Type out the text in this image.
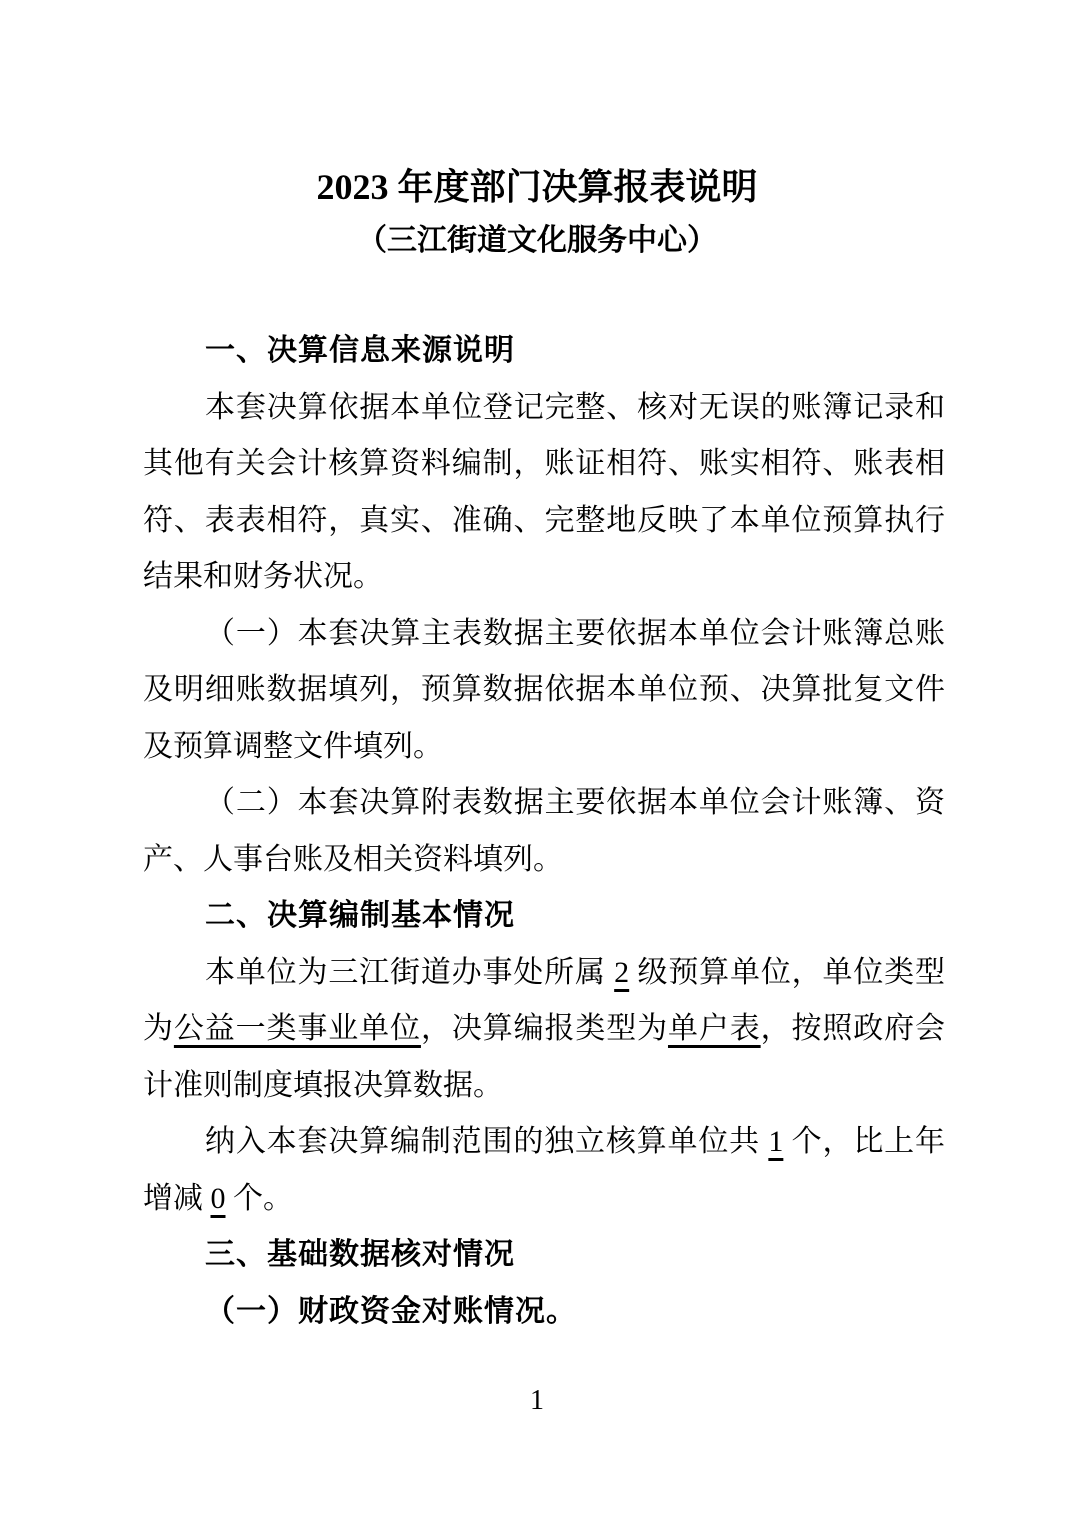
2023 年度部门决算报表说明
（三江街道文化服务中心）

一、决算信息来源说明

本套决算依据本单位登记完整、核对无误的账簿记录和其他有关会计核算资料编制，账证相符、账实相符、账表相符、表表相符，真实、准确、完整地反映了本单位预算执行结果和财务状况。

（一）本套决算主表数据主要依据本单位会计账簿总账及明细账数据填列，预算数据依据本单位预、决算批复文件及预算调整文件填列。

（二）本套决算附表数据主要依据本单位会计账簿、资产、人事台账及相关资料填列。

二、决算编制基本情况

本单位为三江街道办事处所属 2 级预算单位，单位类型为公益一类事业单位，决算编报类型为单户表，按照政府会计准则制度填报决算数据。

纳入本套决算编制范围的独立核算单位共 1 个，比上年增减 0 个。

三、基础数据核对情况

（一）财政资金对账情况。

1
